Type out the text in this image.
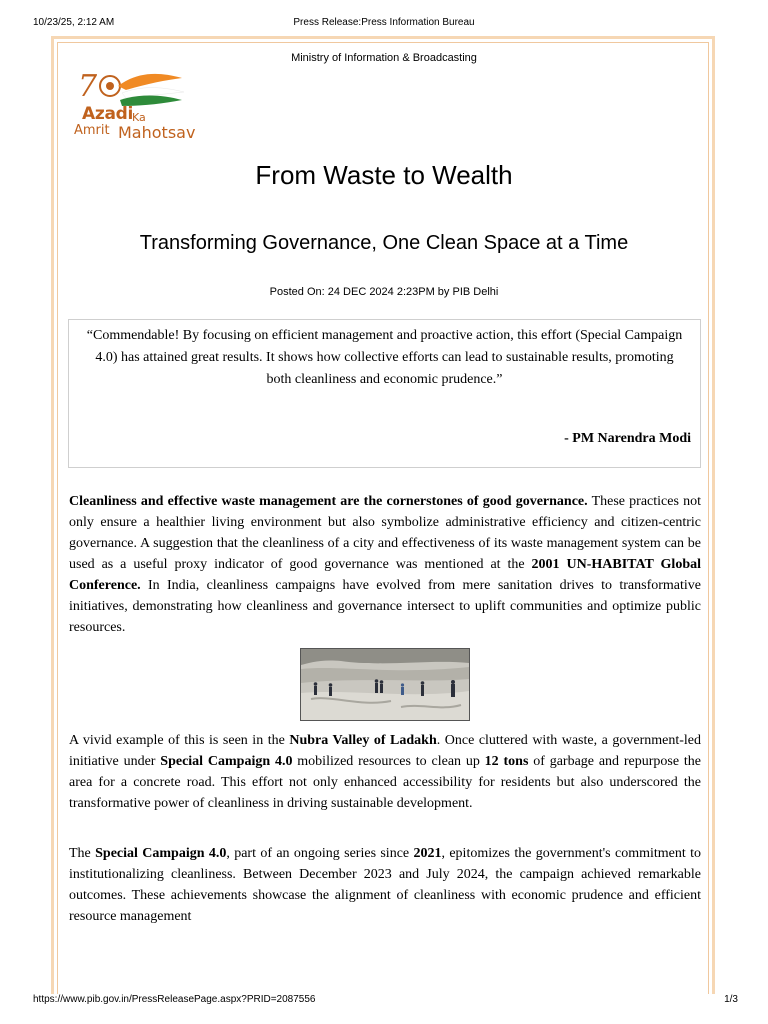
10/23/25, 2:12 AM	Press Release:Press Information Bureau
Ministry of Information & Broadcasting
7
Azadi
Ka
Amrit Mahotsav
From Waste to Wealth
Transforming Governance, One Clean Space at a Time
Posted On: 24 DEC 2024 2:23PM by PIB Delhi
“Commendable! By focusing on efficient management and proactive action, this effort (Special Campaign 4.0) has attained great results. It shows how collective efforts can lead to sustainable results, promoting both cleanliness and economic prudence.”
- PM Narendra Modi
Cleanliness and effective waste management are the cornerstones of good governance. These practices not only ensure a healthier living environment but also symbolize administrative efficiency and citizen-centric governance. A suggestion that the cleanliness of a city and effectiveness of its waste management system can be used as a useful proxy indicator of good governance was mentioned at the 2001 UN-HABITAT Global Conference. In India, cleanliness campaigns have evolved from mere sanitation drives to transformative initiatives, demonstrating how cleanliness and governance intersect to uplift communities and optimize public resources.
A vivid example of this is seen in the Nubra Valley of Ladakh. Once cluttered with waste, a government-led initiative under Special Campaign 4.0 mobilized resources to clean up 12 tons of garbage and repurpose the area for a concrete road. This effort not only enhanced accessibility for residents but also underscored the transformative power of cleanliness in driving sustainable development.
The Special Campaign 4.0, part of an ongoing series since 2021, epitomizes the government's commitment to institutionalizing cleanliness. Between December 2023 and July 2024, the campaign achieved remarkable outcomes. These achievements showcase the alignment of cleanliness with economic prudence and efficient resource management
https://www.pib.gov.in/PressReleasePage.aspx?PRID=2087556	1/3
